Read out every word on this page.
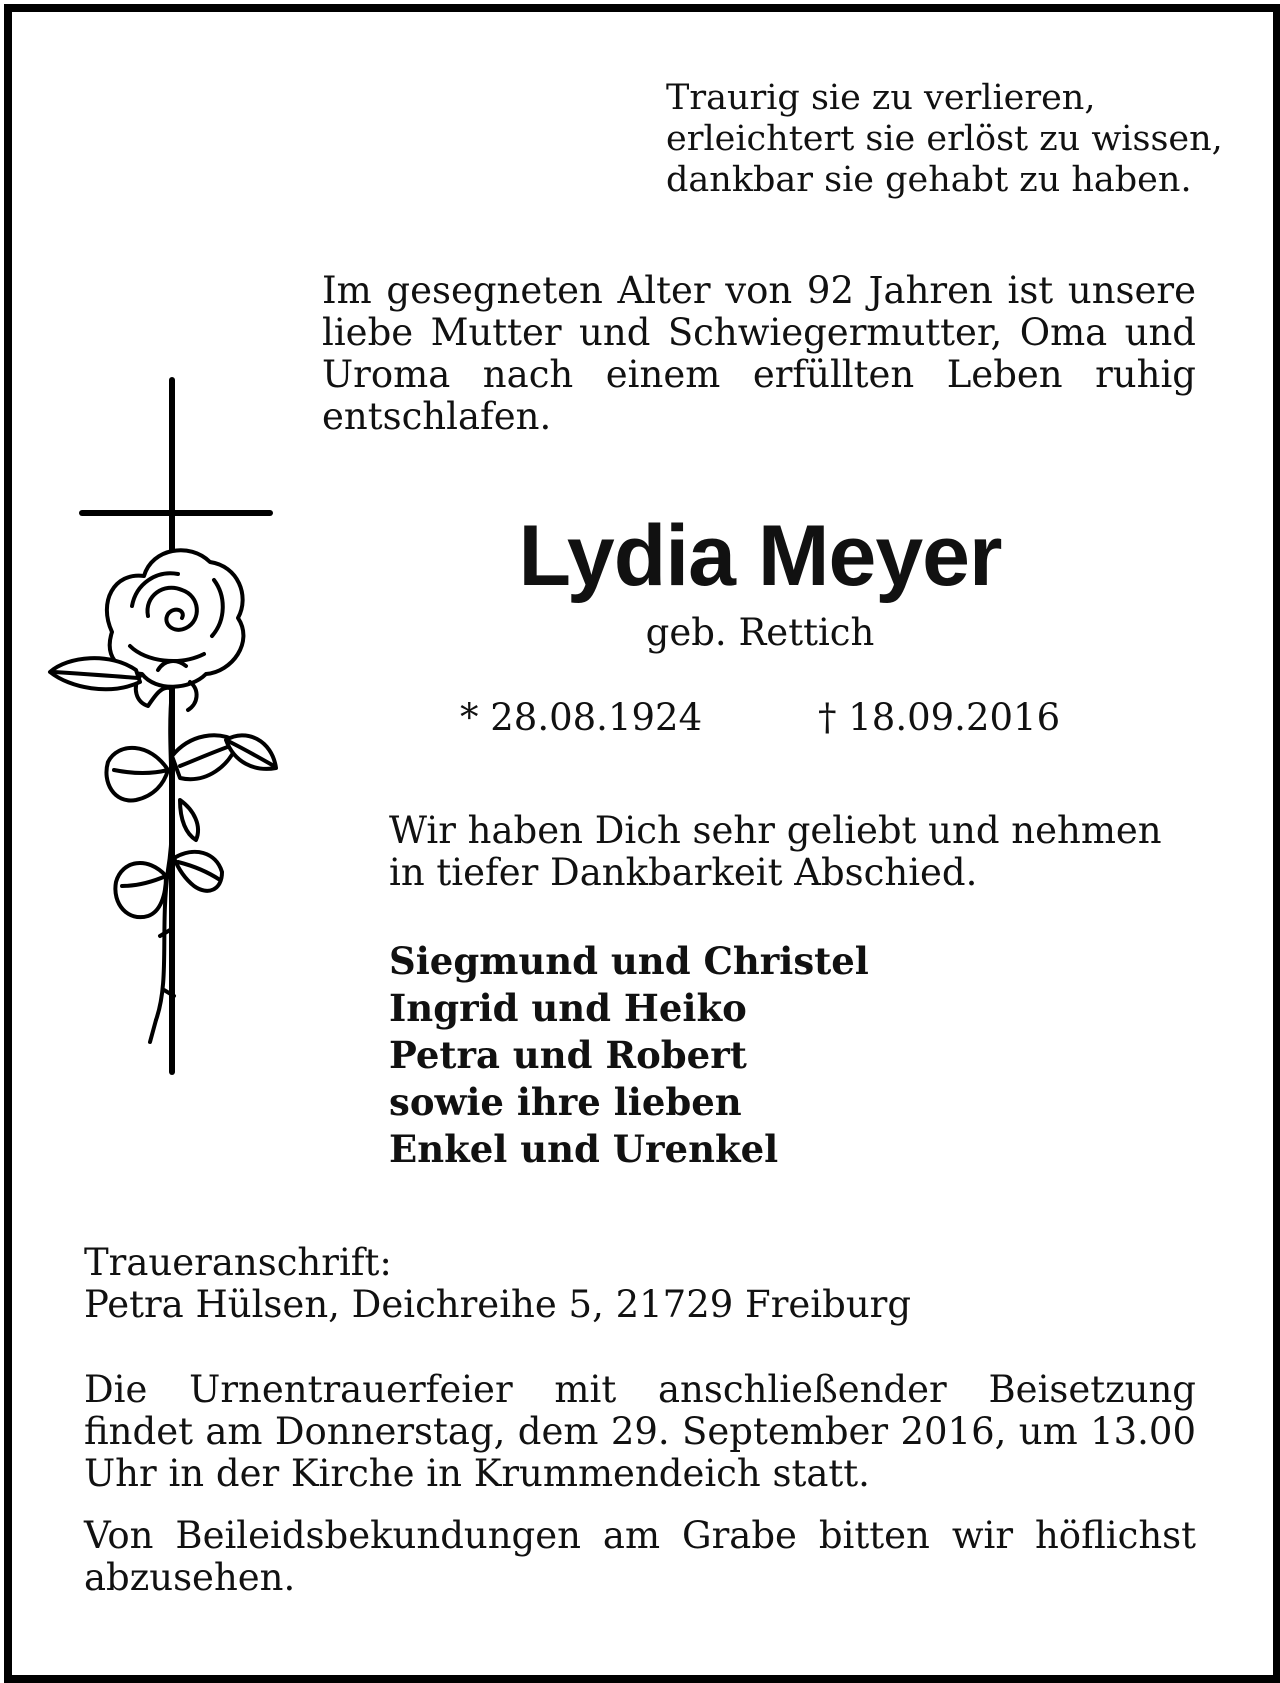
Traurig sie zu verlieren,
erleichtert sie erlöst zu wissen,
dankbar sie gehabt zu haben.
Im gesegneten Alter von 92 Jahren ist unsere liebe Mutter und Schwiegermutter, Oma und Uroma nach einem erfüllten Leben ruhig entschlafen.
Lydia Meyer
geb. Rettich
* 28.08.1924	† 18.09.2016
Wir haben Dich sehr geliebt und nehmen
in tiefer Dankbarkeit Abschied.
Siegmund und Christel
Ingrid und Heiko
Petra und Robert
sowie ihre lieben
Enkel und Urenkel
Traueranschrift:
Petra Hülsen, Deichreihe 5, 21729 Freiburg
Die Urnentrauerfeier mit anschließender Beisetzung findet am Donnerstag, dem 29. September 2016, um 13.00 Uhr in der Kirche in Krummendeich statt.
Von Beileidsbekundungen am Grabe bitten wir höflichst abzusehen.
